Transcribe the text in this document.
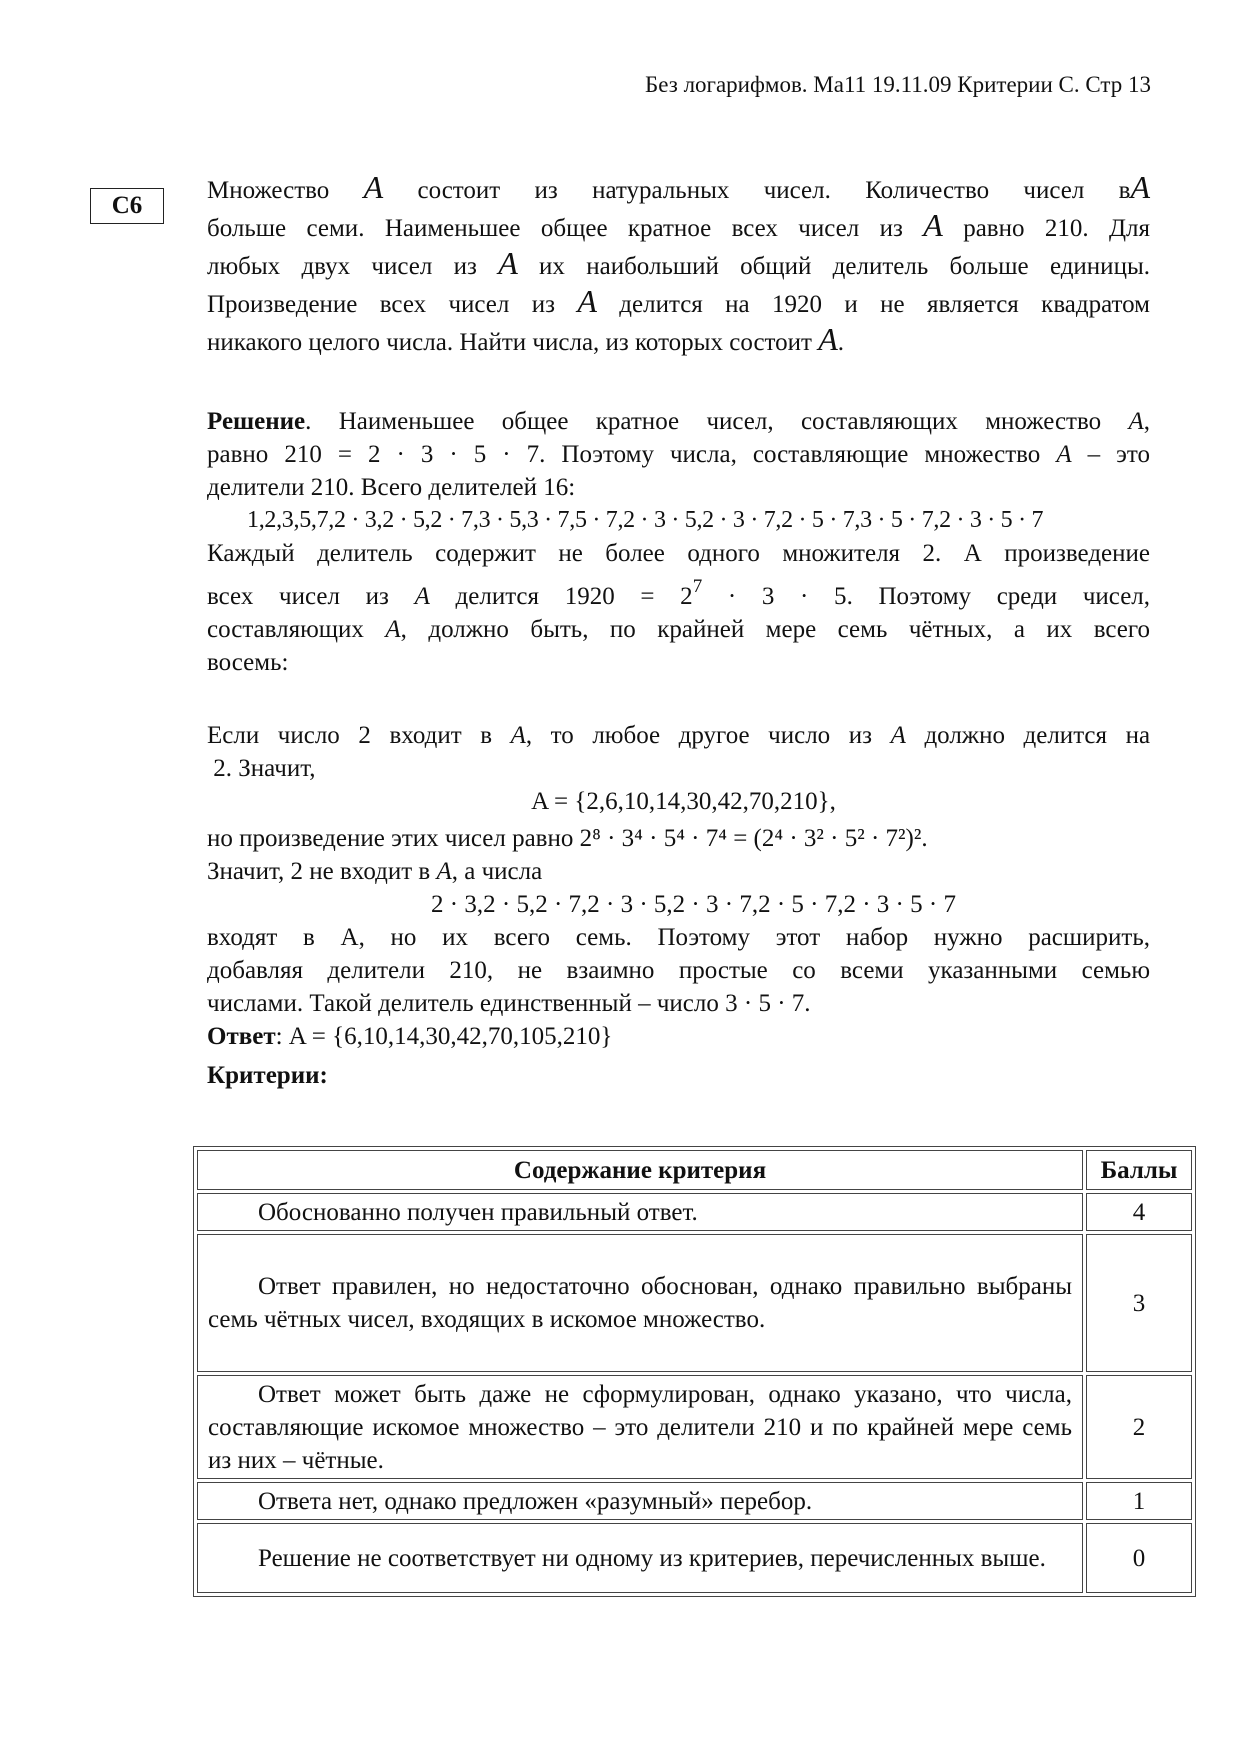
Без логарифмов. Ма11 19.11.09 Критерии С. Стр 13
С6
Множество A состоит из натуральных чисел. Количество чисел вA
больше семи. Наименьшее общее кратное всех чисел из A равно 210. Для
любых двух чисел из A их наибольший общий делитель больше единицы.
Произведение всех чисел из A делится на 1920 и не является квадратом
никакого целого числа. Найти числа, из которых состоит A.
Решение. Наименьшее общее кратное чисел, составляющих множество A,
равно 210 = 2 · 3 · 5 · 7. Поэтому числа, составляющие множество A – это
делители 210. Всего делителей 16:
1,2,3,5,7,2 · 3,2 · 5,2 · 7,3 · 5,3 · 7,5 · 7,2 · 3 · 5,2 · 3 · 7,2 · 5 · 7,3 · 5 · 7,2 · 3 · 5 · 7
Каждый делитель содержит не более одного множителя 2. А произведение
всех чисел из A делится $1920 = 2^7 \cdot 3 \cdot 5$. Поэтому среди чисел,
составляющих A, должно быть, по крайней мере семь чётных, а их всего
восемь:
Если число 2 входит в A, то любое другое число из A должно делится на
2. Значит,
A = {2,6,10,14,30,42,70,210},
но произведение этих чисел равно 2⁸ · 3⁴ · 5⁴ · 7⁴ = (2⁴ · 3² · 5² · 7²)².
Значит, 2 не входит в A, а числа
2 · 3,2 · 5,2 · 7,2 · 3 · 5,2 · 3 · 7,2 · 5 · 7,2 · 3 · 5 · 7
входят в A, но их всего семь. Поэтому этот набор нужно расширить,
добавляя делители 210, не взаимно простые со всеми указанными семью
числами. Такой делитель единственный – число 3 · 5 · 7.
Ответ: A = {6,10,14,30,42,70,105,210}
Критерии:
Содержание критерия	Баллы
Обоснованно получен правильный ответ.	4
Ответ правилен, но недостаточно обоснован, однако правильно выбраны семь чётных чисел, входящих в искомое множество.	3
Ответ может быть даже не сформулирован, однако указано, что числа, составляющие искомое множество – это делители 210 и по крайней мере семь из них – чётные.	2
Ответа нет, однако предложен «разумный» перебор.	1
Решение не соответствует ни одному из критериев, перечисленных выше.	0
